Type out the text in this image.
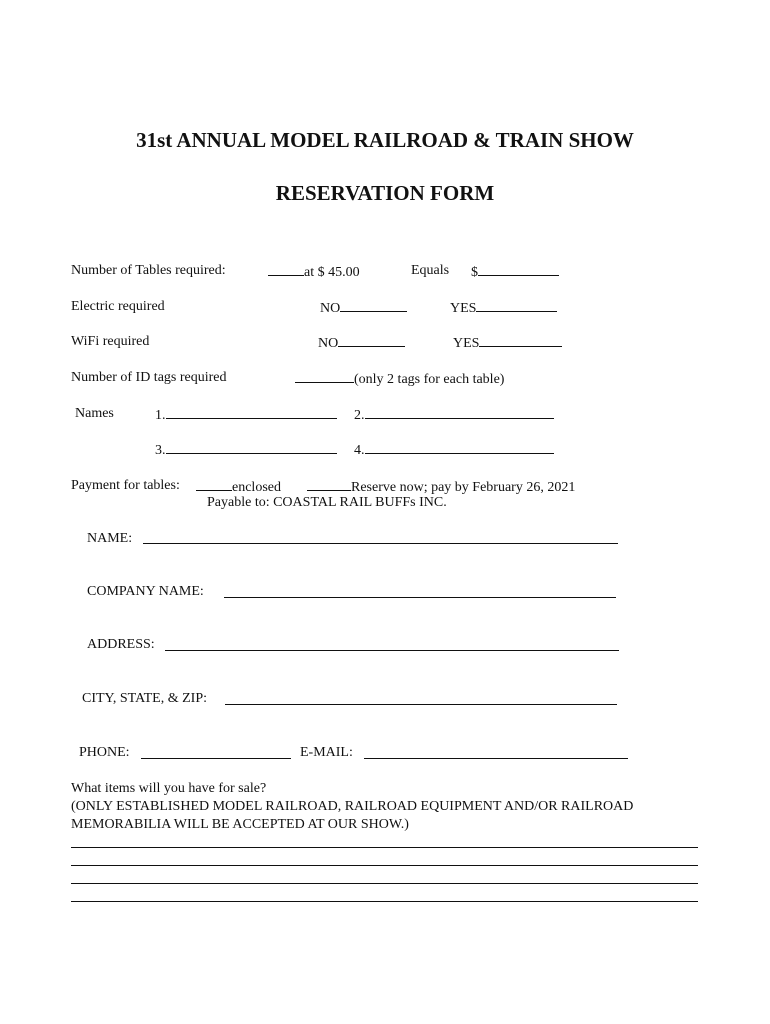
31st ANNUAL MODEL RAILROAD & TRAIN SHOW
RESERVATION FORM
Number of Tables required:	at $ 45.00	Equals $
Electric required	NO	YES
WiFi required	NO	YES
Number of ID tags required	(only 2 tags for each table)
Names	1.	2.
3.	4.
Payment for tables:	enclosed	Reserve now; pay by February 26, 2021
Payable to: COASTAL RAIL BUFFs INC.
NAME:
COMPANY NAME:
ADDRESS:
CITY, STATE, & ZIP:
PHONE:	E-MAIL:
What items will you have for sale?
(ONLY ESTABLISHED MODEL RAILROAD, RAILROAD EQUIPMENT AND/OR RAILROAD
MEMORABILIA WILL BE ACCEPTED AT OUR SHOW.)
